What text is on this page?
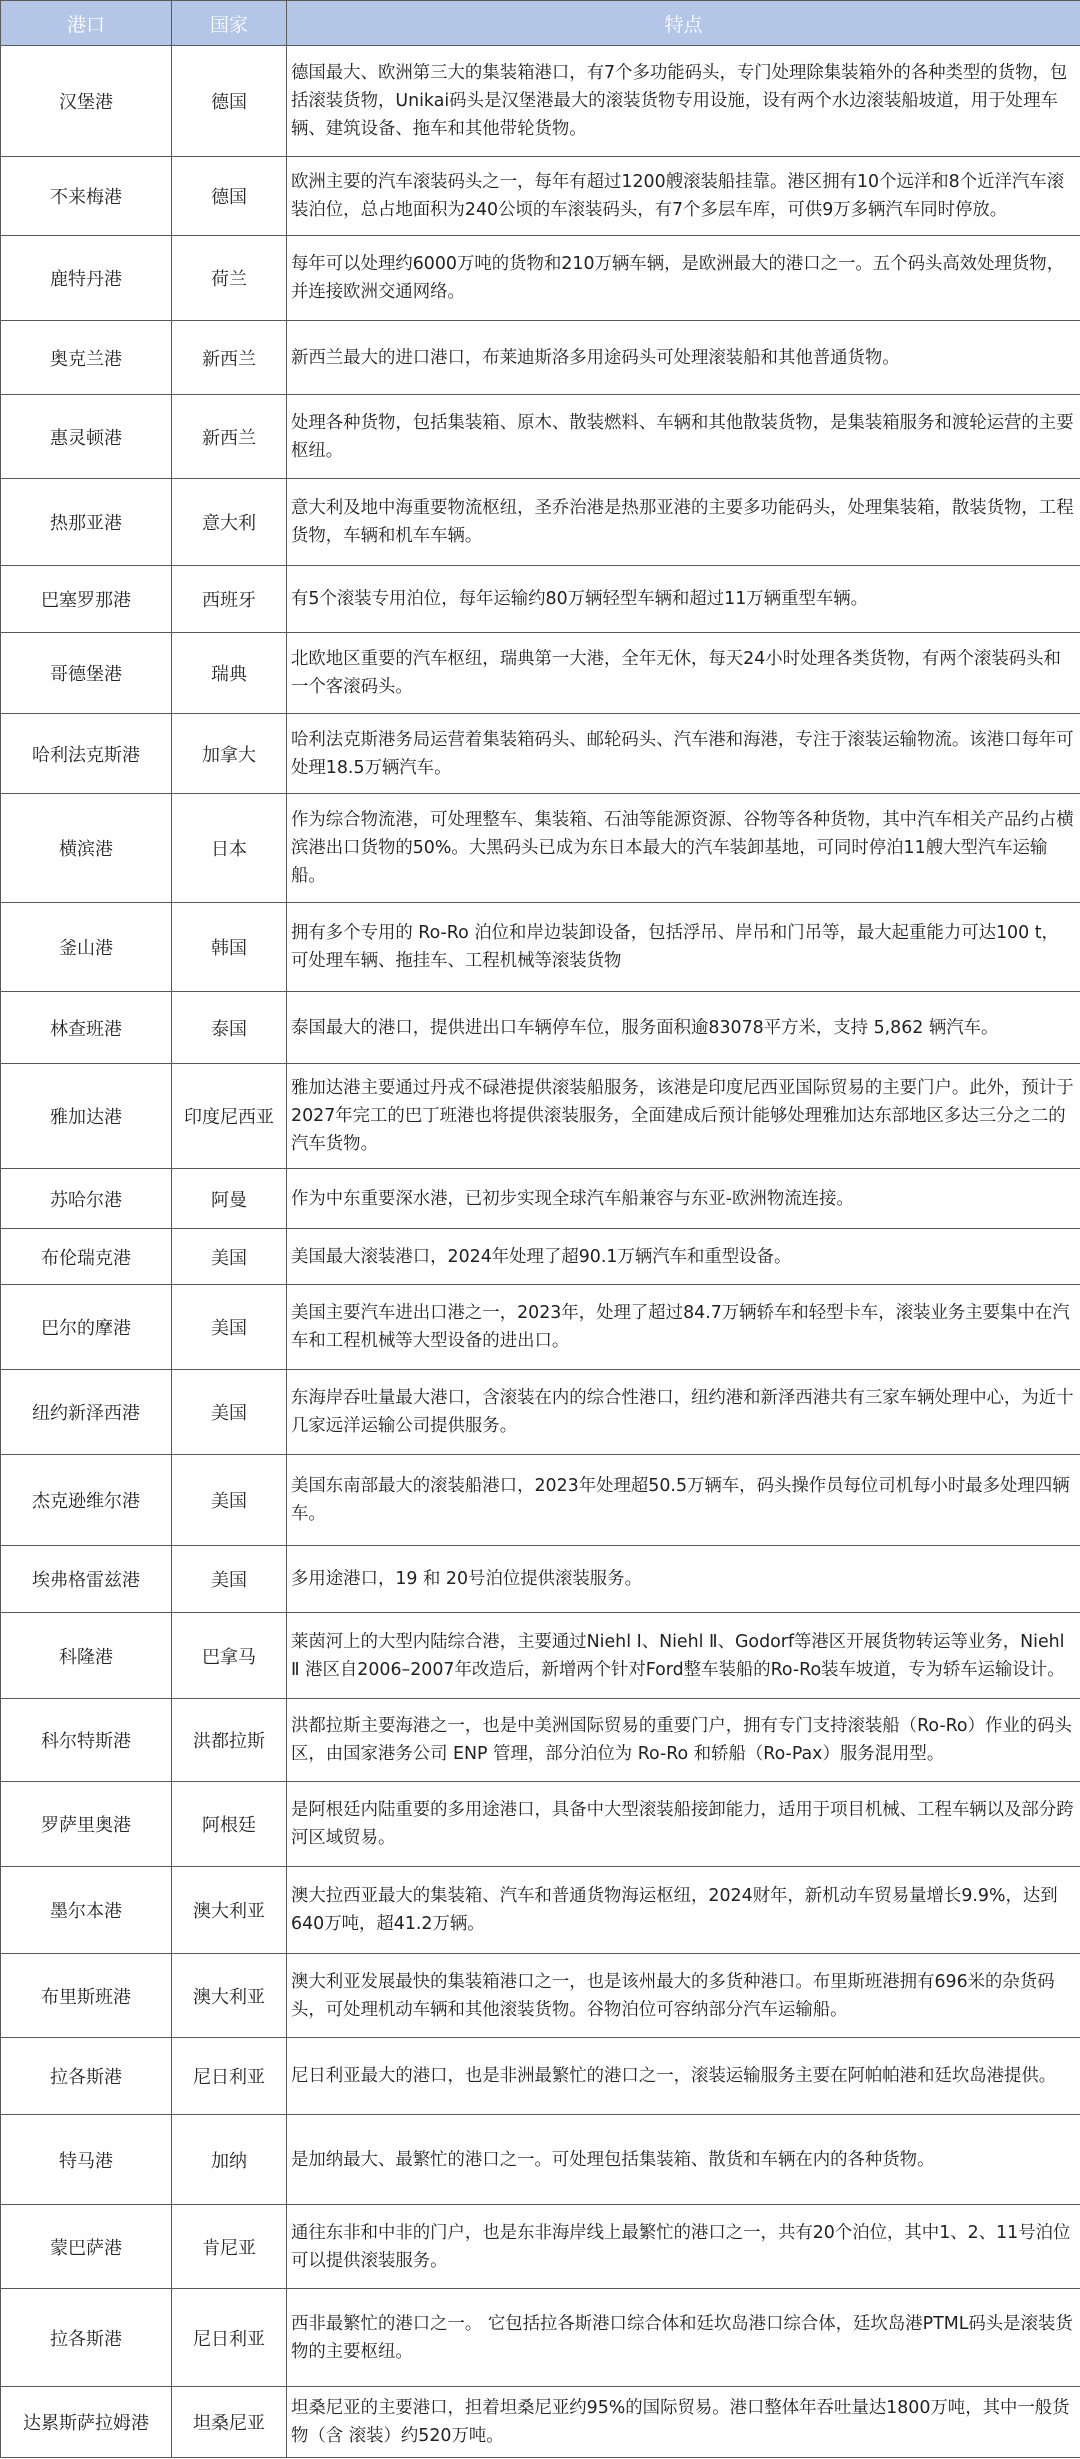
港口	国家	特点
汉堡港	德国	德国最大、欧洲第三大的集装箱港口，有7个多功能码头，专门处理除集装箱外的各种类型的货物，包括滚装货物，Unikai码头是汉堡港最大的滚装货物专用设施，设有两个水边滚装船坡道，用于处理车辆、建筑设备、拖车和其他带轮货物。
不来梅港	德国	欧洲主要的汽车滚装码头之一，每年有超过1200艘滚装船挂靠。港区拥有10个远洋和8个近洋汽车滚装泊位，总占地面积为240公顷的车滚装码头，有7个多层车库，可供9万多辆汽车同时停放。
鹿特丹港	荷兰	每年可以处理约6000万吨的货物和210万辆车辆，是欧洲最大的港口之一。五个码头高效处理货物，并连接欧洲交通网络。
奥克兰港	新西兰	新西兰最大的进口港口，布莱迪斯洛多用途码头可处理滚装船和其他普通货物。
惠灵顿港	新西兰	处理各种货物，包括集装箱、原木、散装燃料、车辆和其他散装货物，是集装箱服务和渡轮运营的主要枢纽。
热那亚港	意大利	意大利及地中海重要物流枢纽，圣乔治港是热那亚港的主要多功能码头，处理集装箱，散装货物，工程货物，车辆和机车车辆。
巴塞罗那港	西班牙	有5个滚装专用泊位，每年运输约80万辆轻型车辆和超过11万辆重型车辆。
哥德堡港	瑞典	北欧地区重要的汽车枢纽，瑞典第一大港，全年无休，每天24小时处理各类货物，有两个滚装码头和一个客滚码头。
哈利法克斯港	加拿大	哈利法克斯港务局运营着集装箱码头、邮轮码头、汽车港和海港，专注于滚装运输物流。该港口每年可处理18.5万辆汽车。
横滨港	日本	作为综合物流港，可处理整车、集装箱、石油等能源资源、谷物等各种货物，其中汽车相关产品约占横滨港出口货物的50%。大黑码头已成为东日本最大的汽车装卸基地，可同时停泊11艘大型汽车运输船。
釜山港	韩国	拥有多个专用的 Ro-Ro 泊位和岸边装卸设备，包括浮吊、岸吊和门吊等，最大起重能力可达100 t，可处理车辆、拖挂车、工程机械等滚装货物
林查班港	泰国	泰国最大的港口，提供进出口车辆停车位，服务面积逾83078平方米，支持 5,862 辆汽车。
雅加达港	印度尼西亚	雅加达港主要通过丹戎不碌港提供滚装船服务，该港是印度尼西亚国际贸易的主要门户。此外，预计于2027年完工的巴丁班港也将提供滚装服务，全面建成后预计能够处理雅加达东部地区多达三分之二的汽车货物。
苏哈尔港	阿曼	作为中东重要深水港，已初步实现全球汽车船兼容与东亚-欧洲物流连接。
布伦瑞克港	美国	美国最大滚装港口，2024年处理了超90.1万辆汽车和重型设备。
巴尔的摩港	美国	美国主要汽车进出口港之一，2023年，处理了超过84.7万辆轿车和轻型卡车，滚装业务主要集中在汽车和工程机械等大型设备的进出口。
纽约新泽西港	美国	东海岸吞吐量最大港口，含滚装在内的综合性港口，纽约港和新泽西港共有三家车辆处理中心，为近十几家远洋运输公司提供服务。
杰克逊维尔港	美国	美国东南部最大的滚装船港口，2023年处理超50.5万辆车，码头操作员每位司机每小时最多处理四辆车。
埃弗格雷兹港	美国	多用途港口，19 和 20号泊位提供滚装服务。
科隆港	巴拿马	莱茵河上的大型内陆综合港，主要通过Niehl Ⅰ、Niehl Ⅱ、Godorf等港区开展货物转运等业务，Niehl Ⅱ 港区自2006–2007年改造后，新增两个针对Ford整车装船的Ro-Ro装车坡道，专为轿车运输设计。
科尔特斯港	洪都拉斯	洪都拉斯主要海港之一，也是中美洲国际贸易的重要门户，拥有专门支持滚装船（Ro-Ro）作业的码头区，由国家港务公司 ENP 管理，部分泊位为 Ro-Ro 和轿船（Ro-Pax）服务混用型。
罗萨里奥港	阿根廷	是阿根廷内陆重要的多用途港口，具备中大型滚装船接卸能力，适用于项目机械、工程车辆以及部分跨河区域贸易。
墨尔本港	澳大利亚	澳大拉西亚最大的集装箱、汽车和普通货物海运枢纽，2024财年，新机动车贸易量增长9.9%，达到640万吨，超41.2万辆。
布里斯班港	澳大利亚	澳大利亚发展最快的集装箱港口之一，也是该州最大的多货种港口。布里斯班港拥有696米的杂货码头，可处理机动车辆和其他滚装货物。谷物泊位可容纳部分汽车运输船。
拉各斯港	尼日利亚	尼日利亚最大的港口，也是非洲最繁忙的港口之一，滚装运输服务主要在阿帕帕港和廷坎岛港提供。
特马港	加纳	是加纳最大、最繁忙的港口之一。可处理包括集装箱、散货和车辆在内的各种货物。
蒙巴萨港	肯尼亚	通往东非和中非的门户，也是东非海岸线上最繁忙的港口之一，共有20个泊位，其中1、2、11号泊位可以提供滚装服务。
拉各斯港	尼日利亚	西非最繁忙的港口之一。 它包括拉各斯港口综合体和廷坎岛港口综合体，廷坎岛港PTML码头是滚装货物的主要枢纽。
达累斯萨拉姆港	坦桑尼亚	坦桑尼亚的主要港口，担着坦桑尼亚约95%的国际贸易。港口整体年吞吐量达1800万吨，其中一般货物（含 滚装）约520万吨。
